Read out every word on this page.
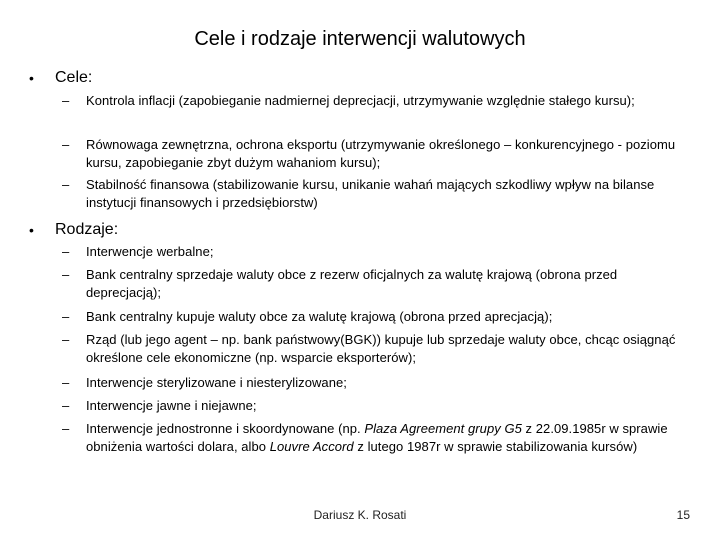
Cele i rodzaje interwencji walutowych
• Cele:
– Kontrola inflacji (zapobieganie nadmiernej deprecjacji, utrzymywanie względnie stałego kursu);
– Równowaga zewnętrzna, ochrona eksportu (utrzymywanie określonego – konkurencyjnego - poziomu kursu, zapobieganie zbyt dużym wahaniom kursu);
– Stabilność finansowa (stabilizowanie kursu, unikanie wahań mających szkodliwy wpływ na bilanse instytucji finansowych i przedsiębiorstw)
• Rodzaje:
– Interwencje werbalne;
– Bank centralny sprzedaje waluty obce z rezerw oficjalnych za walutę krajową (obrona przed deprecjacją);
– Bank centralny kupuje waluty obce za walutę krajową (obrona przed aprecjacją);
– Rząd (lub jego agent – np. bank państwowy(BGK)) kupuje lub sprzedaje waluty obce, chcąc osiągnąć określone cele ekonomiczne (np. wsparcie eksporterów);
– Interwencje sterylizowane i niesterylizowane;
– Interwencje jawne i niejawne;
– Interwencje jednostronne i skoordynowane (np. Plaza Agreement grupy G5 z 22.09.1985r w sprawie obniżenia wartości dolara, albo Louvre Accord z lutego 1987r w sprawie stabilizowania kursów)
Dariusz K. Rosati	15
